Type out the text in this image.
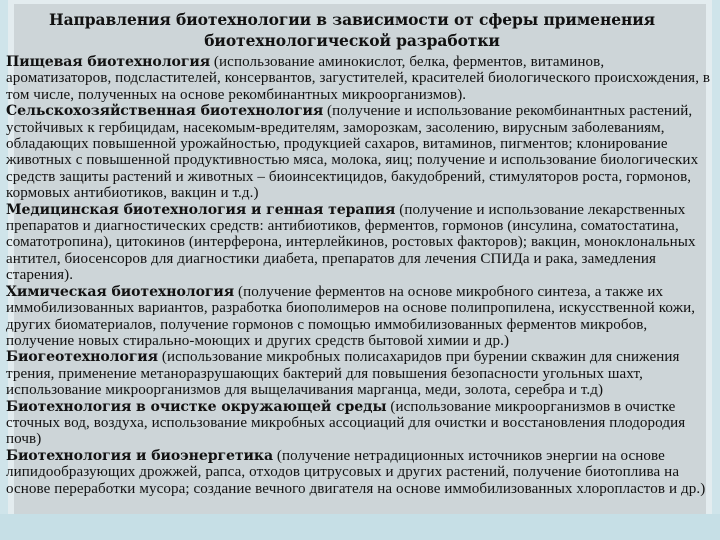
Направления биотехнологии в зависимости от сферы применения
биотехнологической разработки

Пищевая биотехнология (использование аминокислот, белка, ферментов, витаминов, ароматизаторов, подсластителей, консервантов, загустителей, красителей биологического происхождения, в том числе, полученных на основе рекомбинантных микроорганизмов).

Сельскохозяйственная биотехнология (получение и использование рекомбинантных растений, устойчивых к гербицидам, насекомым-вредителям, заморозкам, засолению, вирусным заболеваниям, обладающих повышенной урожайностью, продукцией сахаров, витаминов, пигментов; клонирование животных с повышенной продуктивностью мяса, молока, яиц; получение и использование биологических средств защиты растений и животных – биоинсектицидов, бакудобрений, стимуляторов роста, гормонов, кормовых антибиотиков, вакцин и т.д.)

Медицинская биотехнология и генная терапия (получение и использование лекарственных препаратов и диагностических средств: антибиотиков, ферментов, гормонов (инсулина, соматостатина, соматотропина), цитокинов (интерферона, интерлейкинов, ростовых факторов); вакцин, моноклональных антител, биосенсоров для диагностики диабета, препаратов для лечения СПИДа и рака, замедления старения).

Химическая биотехнология (получение ферментов на основе микробного синтеза, а также их иммобилизованных вариантов, разработка биополимеров на основе полипропилена, искусственной кожи, других биоматериалов, получение гормонов с помощью иммобилизованных ферментов микробов, получение новых стирально-моющих и других средств бытовой химии и др.)

Биогеотехнология (использование микробных полисахаридов при бурении скважин для снижения трения, применение метаноразрушающих бактерий для повышения безопасности угольных шахт, использование микроорганизмов для выщелачивания марганца, меди, золота, серебра и т.д)

Биотехнология в очистке окружающей среды (использование микроорганизмов в очистке сточных вод, воздуха, использование микробных ассоциаций для очистки и восстановления плодородия почв)

Биотехнология и биоэнергетика (получение нетрадиционных источников энергии на основе липидообразующих дрожжей, рапса, отходов цитрусовых и других растений, получение биотоплива на основе переработки мусора; создание вечного двигателя на основе иммобилизованных хлоропластов и др.)
